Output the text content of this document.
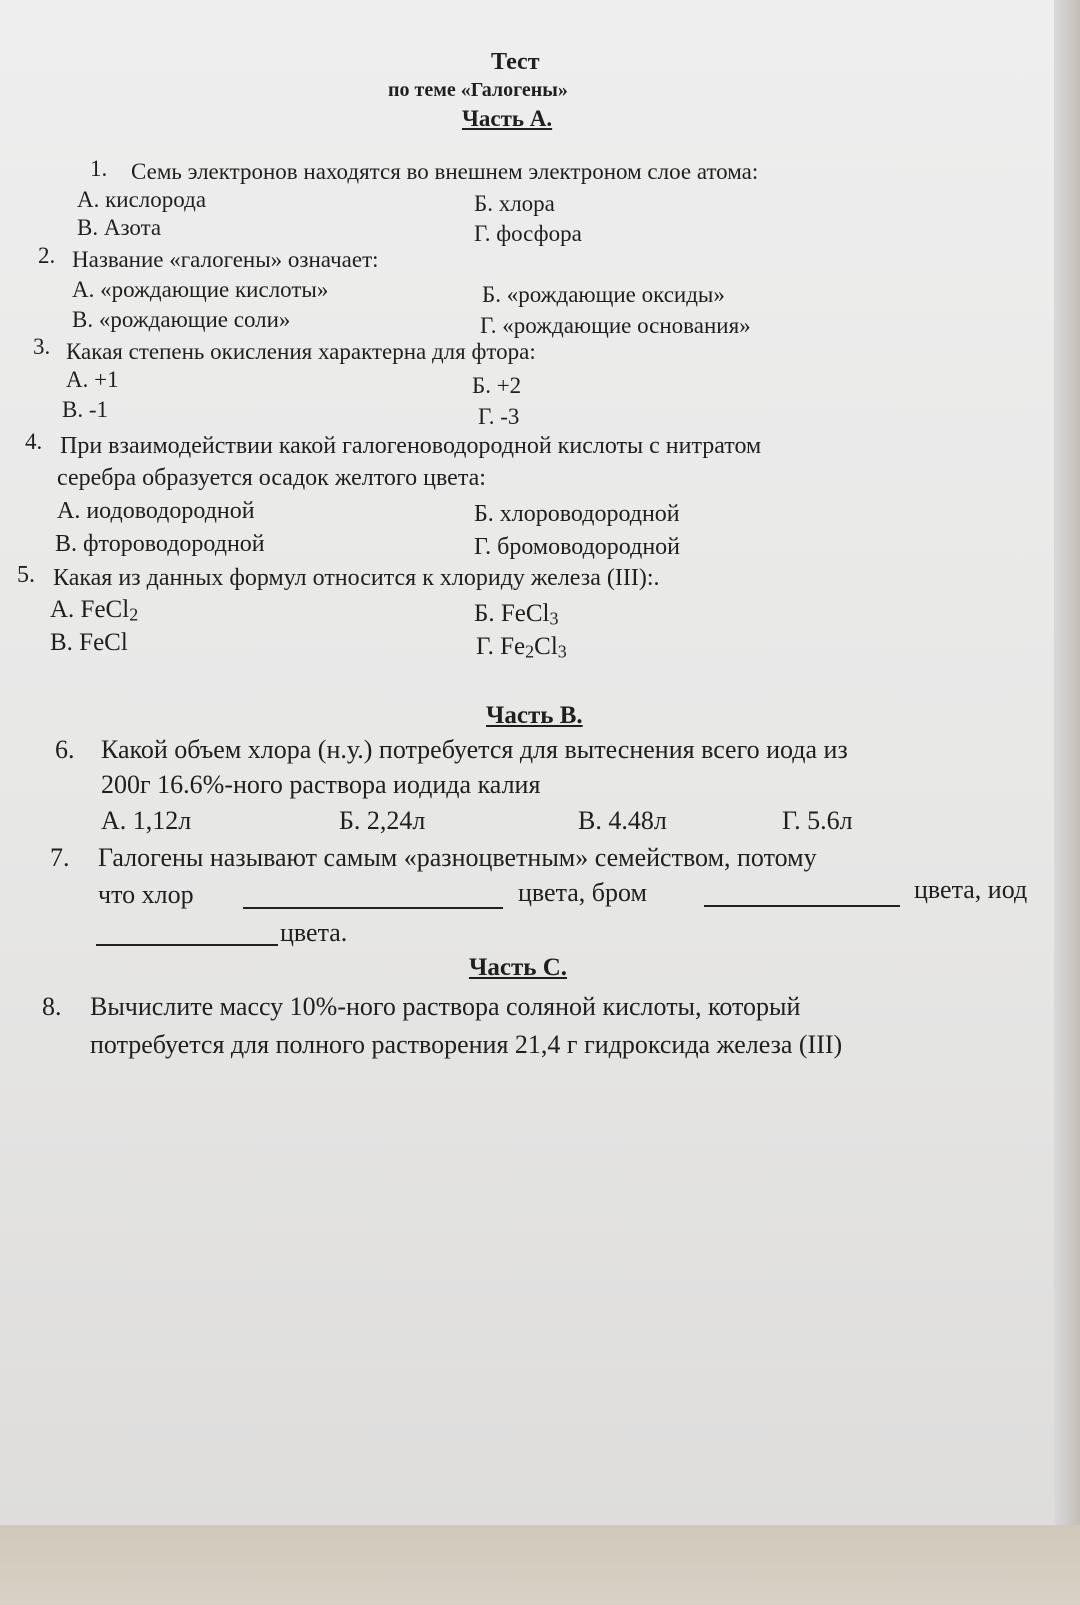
Тест
по теме «Галогены»
Часть А.
1. Семь электронов находятся во внешнем электроном слое атома:
А. кислорода	Б. хлора
В. Азота	Г. фосфора
2. Название «галогены» означает:
А. «рождающие кислоты»	Б. «рождающие оксиды»
В. «рождающие соли»	Г. «рождающие основания»
3. Какая степень окисления характерна для фтора:
А. +1	Б. +2
В. -1	Г. -3
4. При взаимодействии какой галогеноводородной кислоты с нитратом
серебра образуется осадок желтого цвета:
А. иодоводородной	Б. хлороводородной
В. фтороводородной	Г. бромоводородной
5. Какая из данных формул относится к хлориду железа (III):.
А. FeCl$_2$	Б. FeCl$_3$
В. FeCl	Г. $Fe_2Cl_3$
Часть В.
6. Какой объем хлора (н.у.) потребуется для вытеснения всего иода из
200г 16.6%-ного раствора иодида калия
А. 1,12л	Б. 2,24л	В. 4.48л	Г. 5.6л
7. Галогены называют самым «разноцветным» семейством, потому
что хлор	цвета, бром	цвета, иод
цвета.
Часть С.
8. Вычислите массу 10%-ного раствора соляной кислоты, который
потребуется для полного растворения 21,4 г гидроксида железа (III)
